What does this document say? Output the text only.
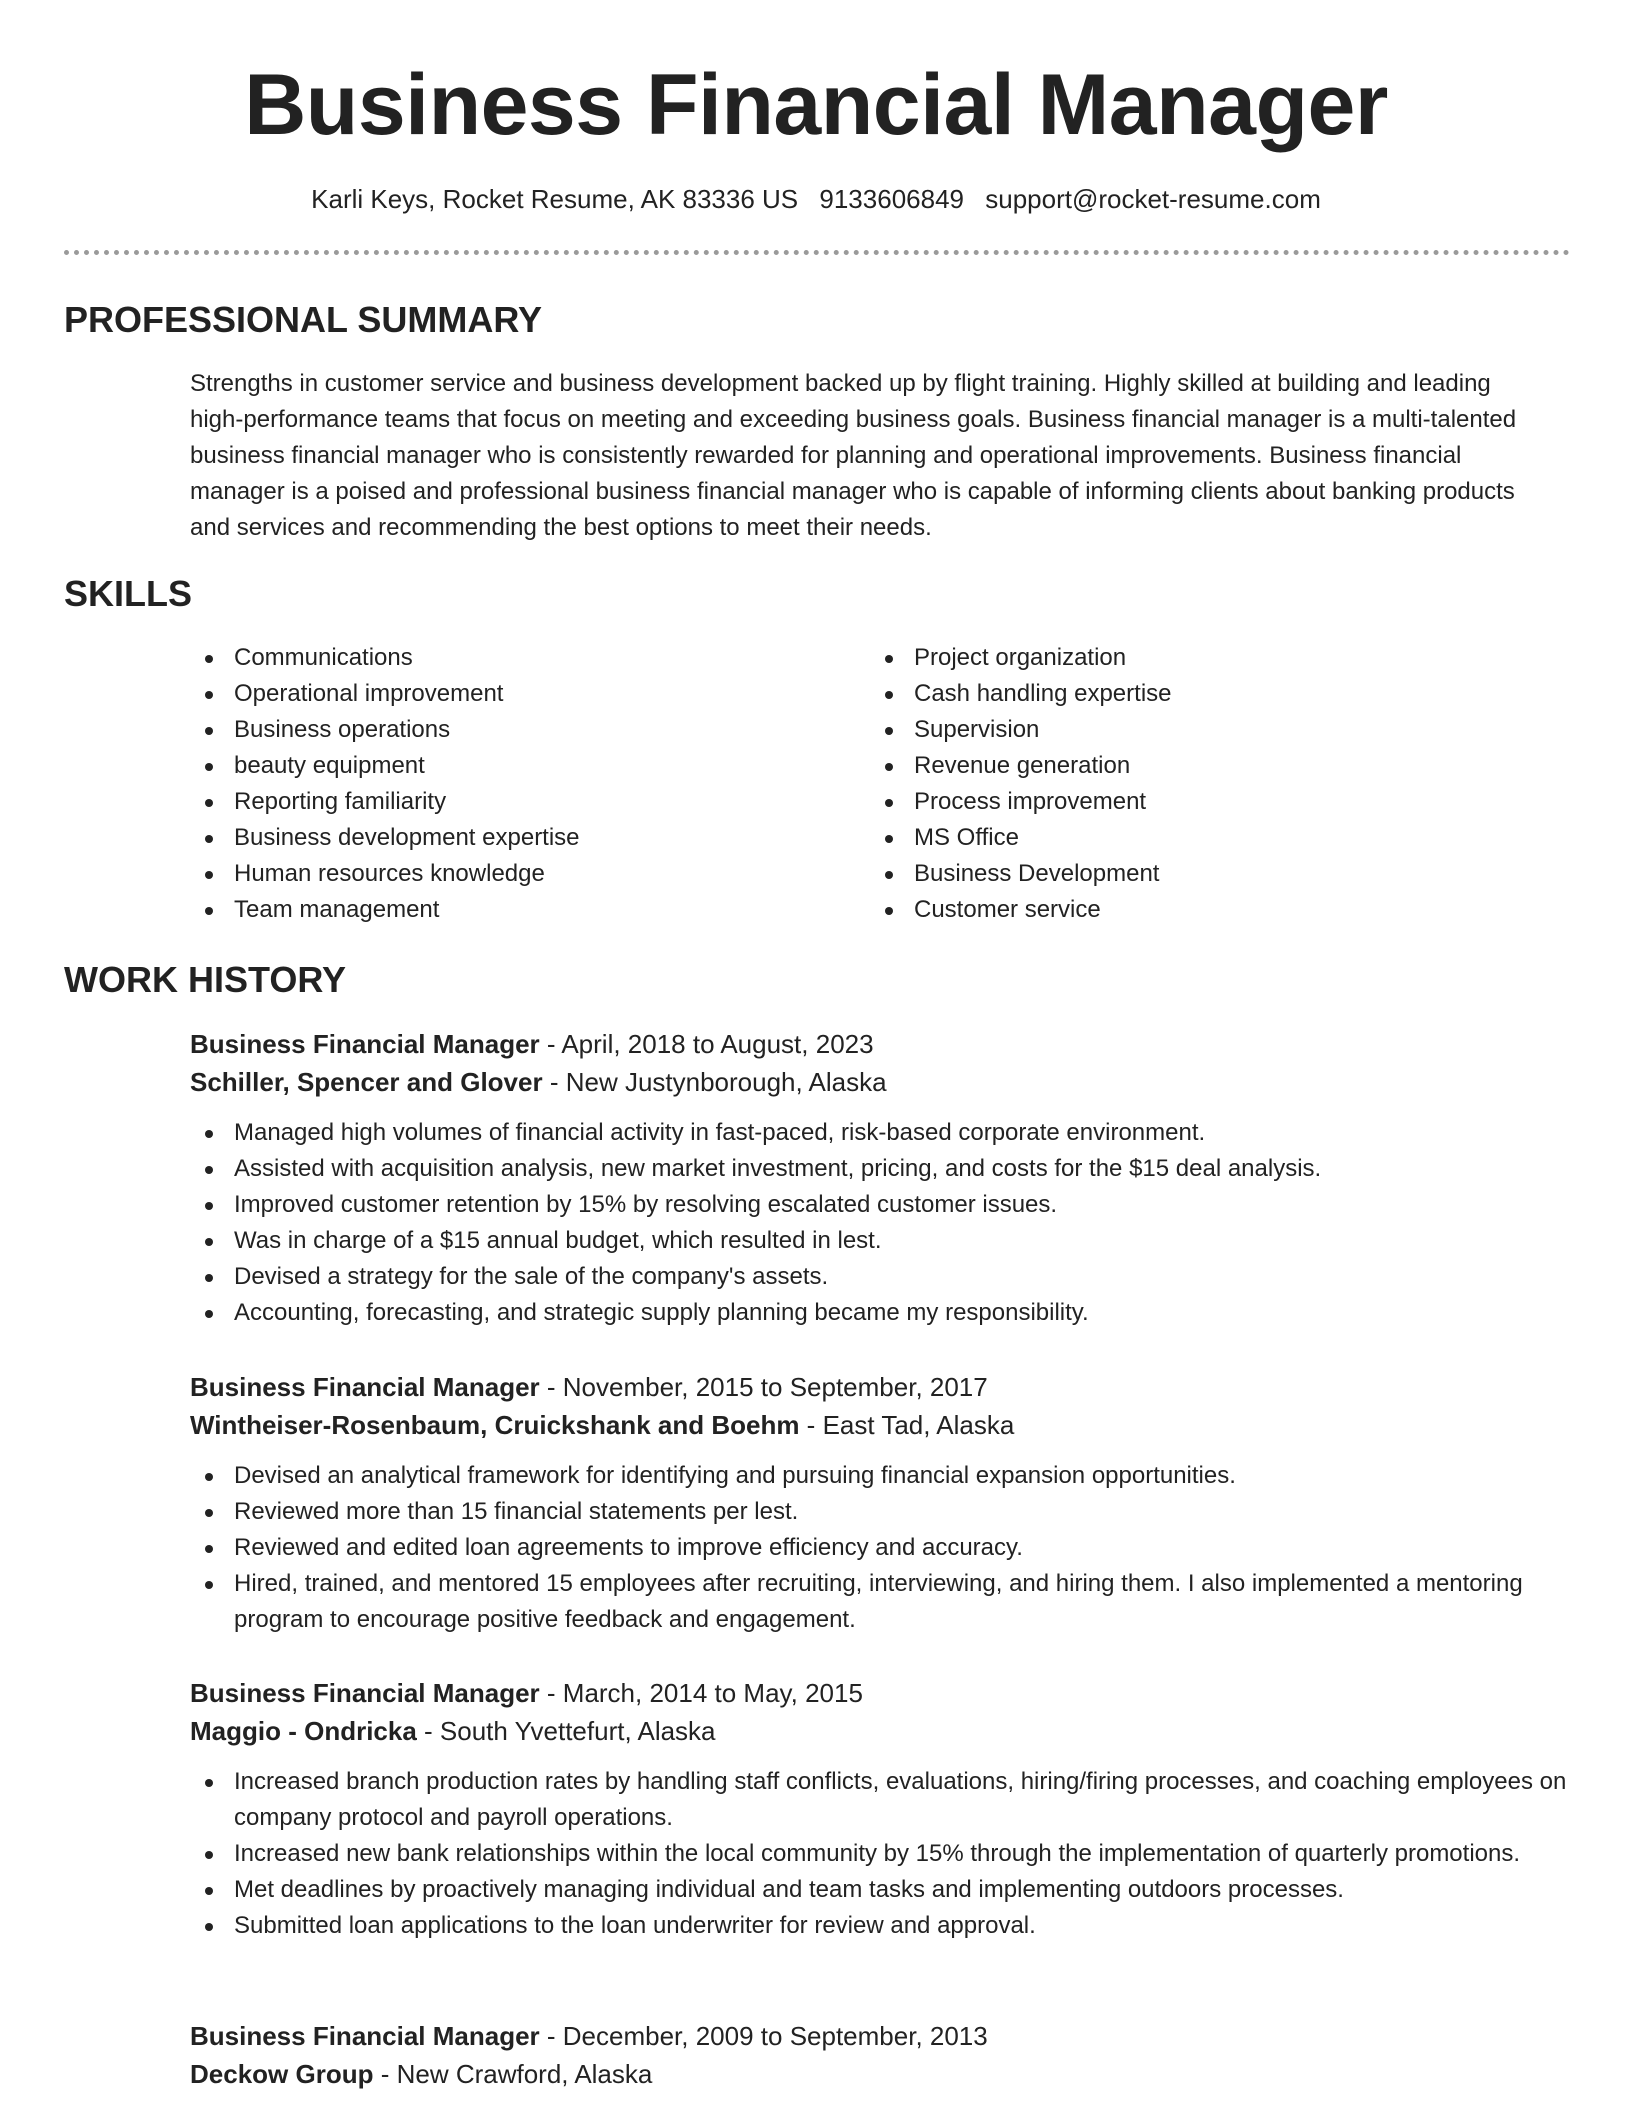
Business Financial Manager
Karli Keys, Rocket Resume, AK 83336 US 9133606849 support@rocket-resume.com
PROFESSIONAL SUMMARY

Strengths in customer service and business development backed up by flight training. Highly skilled at building and leading high-performance teams that focus on meeting and exceeding business goals. Business financial manager is a multi-talented business financial manager who is consistently rewarded for planning and operational improvements. Business financial manager is a poised and professional business financial manager who is capable of informing clients about banking products and services and recommending the best options to meet their needs.

SKILLS
Communications
Operational improvement
Business operations
beauty equipment
Reporting familiarity
Business development expertise
Human resources knowledge
Team management
Project organization
Cash handling expertise
Supervision
Revenue generation
Process improvement
MS Office
Business Development
Customer service
WORK HISTORY
Business Financial Manager - April, 2018 to August, 2023
Schiller, Spencer and Glover - New Justynborough, Alaska
Managed high volumes of financial activity in fast-paced, risk-based corporate environment.
Assisted with acquisition analysis, new market investment, pricing, and costs for the $15 deal analysis.
Improved customer retention by 15% by resolving escalated customer issues.
Was in charge of a $15 annual budget, which resulted in lest.
Devised a strategy for the sale of the company's assets.
Accounting, forecasting, and strategic supply planning became my responsibility.
Business Financial Manager - November, 2015 to September, 2017
Wintheiser-Rosenbaum, Cruickshank and Boehm - East Tad, Alaska
Devised an analytical framework for identifying and pursuing financial expansion opportunities.
Reviewed more than 15 financial statements per lest.
Reviewed and edited loan agreements to improve efficiency and accuracy.
Hired, trained, and mentored 15 employees after recruiting, interviewing, and hiring them. I also implemented a mentoring program to encourage positive feedback and engagement.
Business Financial Manager - March, 2014 to May, 2015
Maggio - Ondricka - South Yvettefurt, Alaska
Increased branch production rates by handling staff conflicts, evaluations, hiring/firing processes, and coaching employees on company protocol and payroll operations.
Increased new bank relationships within the local community by 15% through the implementation of quarterly promotions.
Met deadlines by proactively managing individual and team tasks and implementing outdoors processes.
Submitted loan applications to the loan underwriter for review and approval.
Business Financial Manager - December, 2009 to September, 2013
Deckow Group - New Crawford, Alaska
